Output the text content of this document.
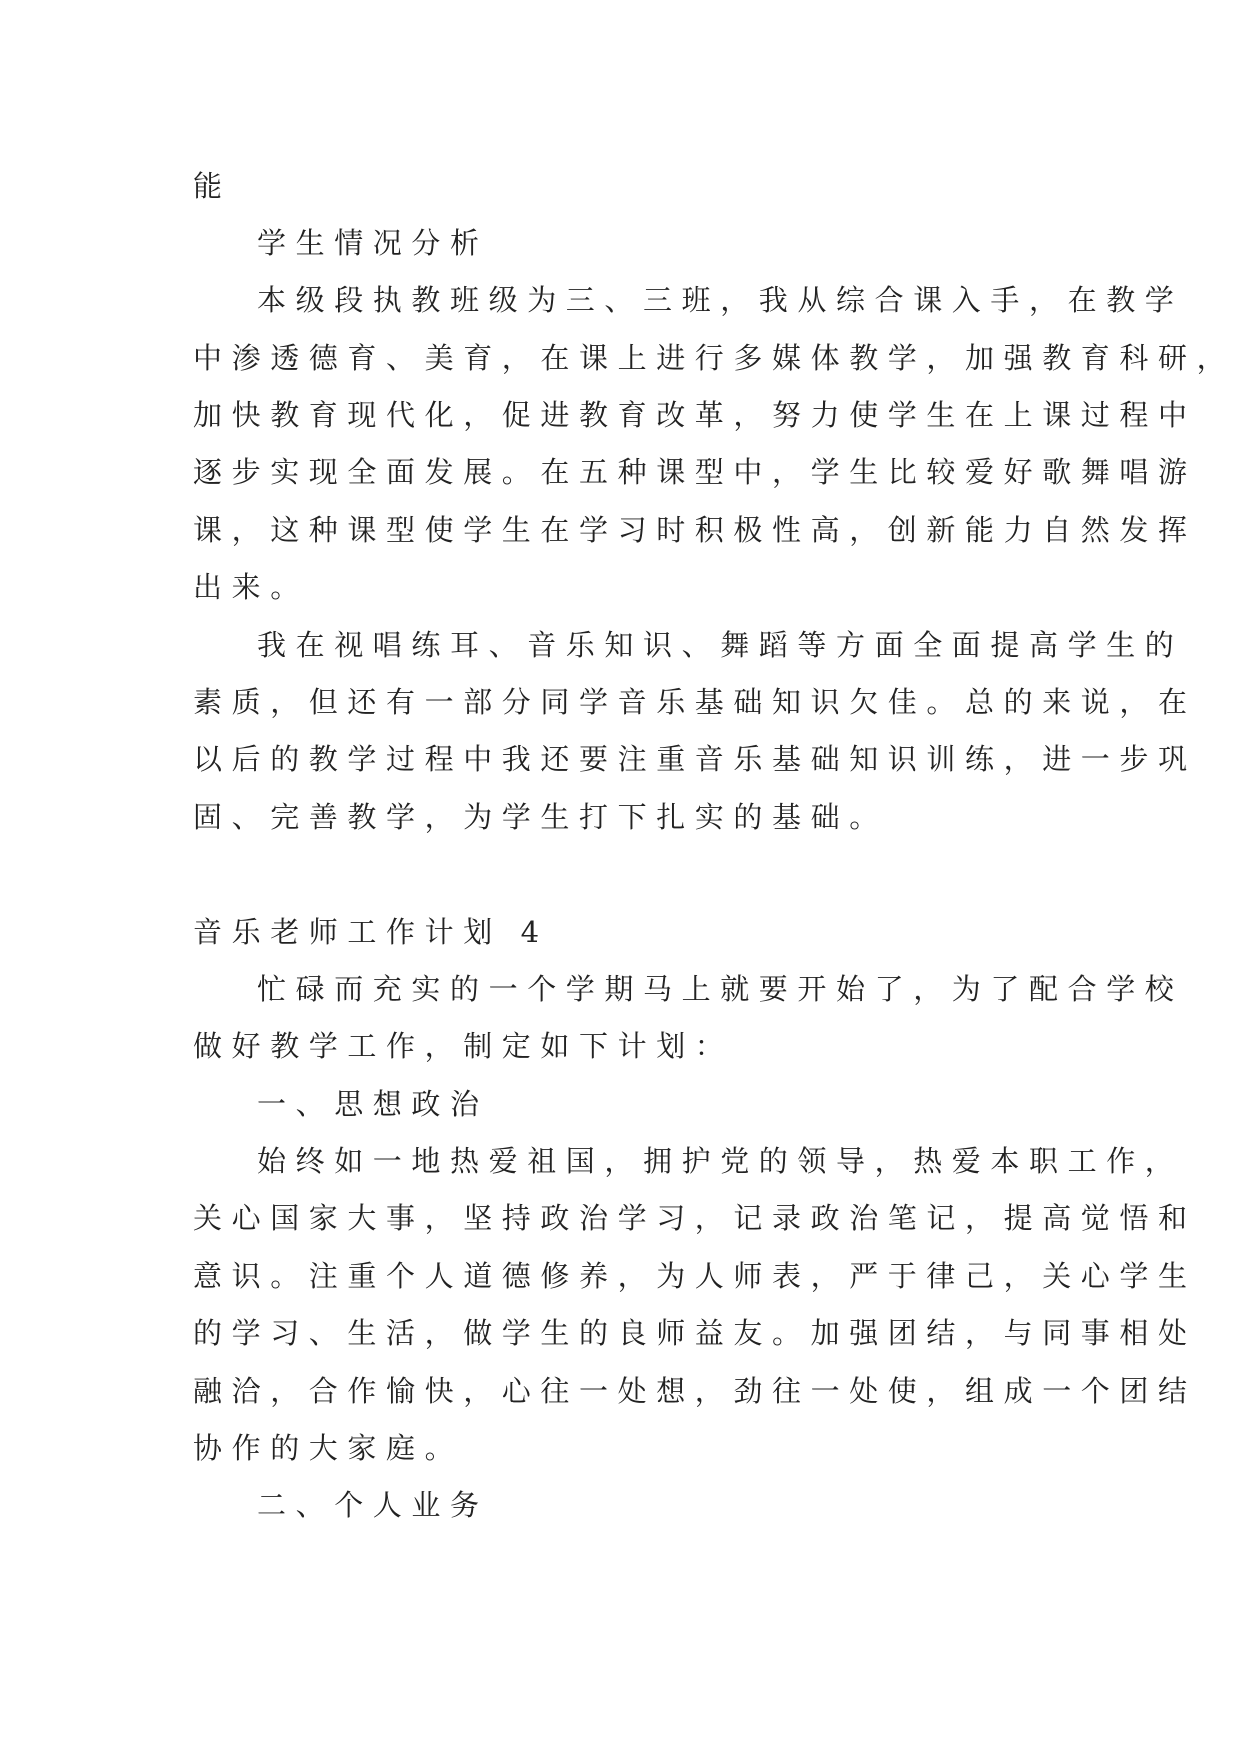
能

学生情况分析

本级段执教班级为三、三班，我从综合课入手，在教学

中渗透德育、美育，在课上进行多媒体教学，加强教育科研，

加快教育现代化，促进教育改革，努力使学生在上课过程中

逐步实现全面发展。在五种课型中，学生比较爱好歌舞唱游

课，这种课型使学生在学习时积极性高，创新能力自然发挥

出来。

我在视唱练耳、音乐知识、舞蹈等方面全面提高学生的

素质，但还有一部分同学音乐基础知识欠佳。总的来说，在

以后的教学过程中我还要注重音乐基础知识训练，进一步巩

固、完善教学，为学生打下扎实的基础。

音乐老师工作计划 4

忙碌而充实的一个学期马上就要开始了，为了配合学校

做好教学工作，制定如下计划：

一、思想政治

始终如一地热爱祖国，拥护党的领导，热爱本职工作，

关心国家大事，坚持政治学习，记录政治笔记，提高觉悟和

意识。注重个人道德修养，为人师表，严于律己，关心学生

的学习、生活，做学生的良师益友。加强团结，与同事相处

融洽，合作愉快，心往一处想，劲往一处使，组成一个团结

协作的大家庭。

二、个人业务
